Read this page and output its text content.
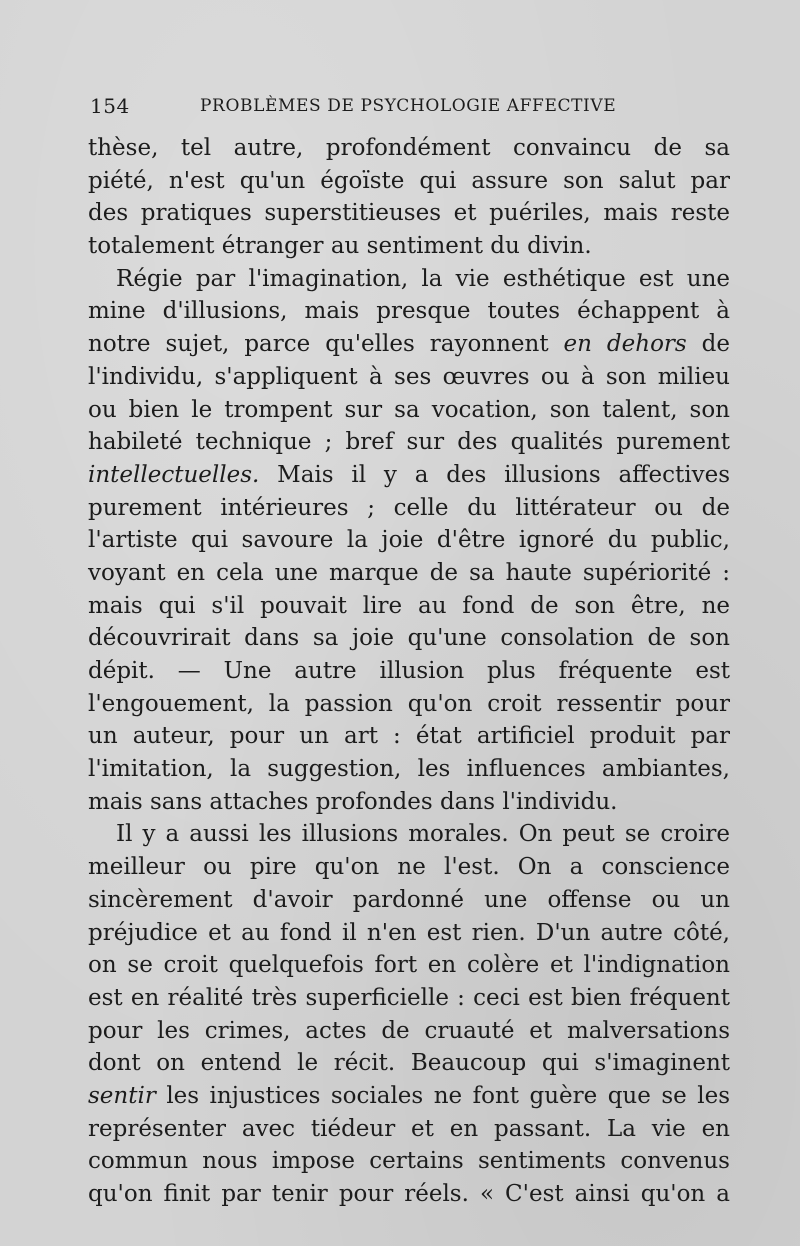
154	PROBLÈMES DE PSYCHOLOGIE AFFECTIVE
thèse, tel autre, profondément convaincu de sa
piété, n'est qu'un égoïste qui assure son salut par
des pratiques superstitieuses et puériles, mais reste
totalement étranger au sentiment du divin.
Régie par l'imagination, la vie esthétique est une
mine d'illusions, mais presque toutes échappent à
notre sujet, parce qu'elles rayonnent en dehors de
l'individu, s'appliquent à ses œuvres ou à son milieu
ou bien le trompent sur sa vocation, son talent, son
habileté technique ; bref sur des qualités purement
intellectuelles. Mais il y a des illusions affectives
purement intérieures ; celle du littérateur ou de
l'artiste qui savoure la joie d'être ignoré du public,
voyant en cela une marque de sa haute supériorité :
mais qui s'il pouvait lire au fond de son être, ne
découvrirait dans sa joie qu'une consolation de son
dépit. — Une autre illusion plus fréquente est
l'engouement, la passion qu'on croit ressentir pour
un auteur, pour un art : état artificiel produit par
l'imitation, la suggestion, les influences ambiantes,
mais sans attaches profondes dans l'individu.
Il y a aussi les illusions morales. On peut se croire
meilleur ou pire qu'on ne l'est. On a conscience
sincèrement d'avoir pardonné une offense ou un
préjudice et au fond il n'en est rien. D'un autre côté,
on se croit quelquefois fort en colère et l'indignation
est en réalité très superficielle : ceci est bien fréquent
pour les crimes, actes de cruauté et malversations
dont on entend le récit. Beaucoup qui s'imaginent
sentir les injustices sociales ne font guère que se les
représenter avec tiédeur et en passant. La vie en
commun nous impose certains sentiments convenus
qu'on finit par tenir pour réels. « C'est ainsi qu'on a
